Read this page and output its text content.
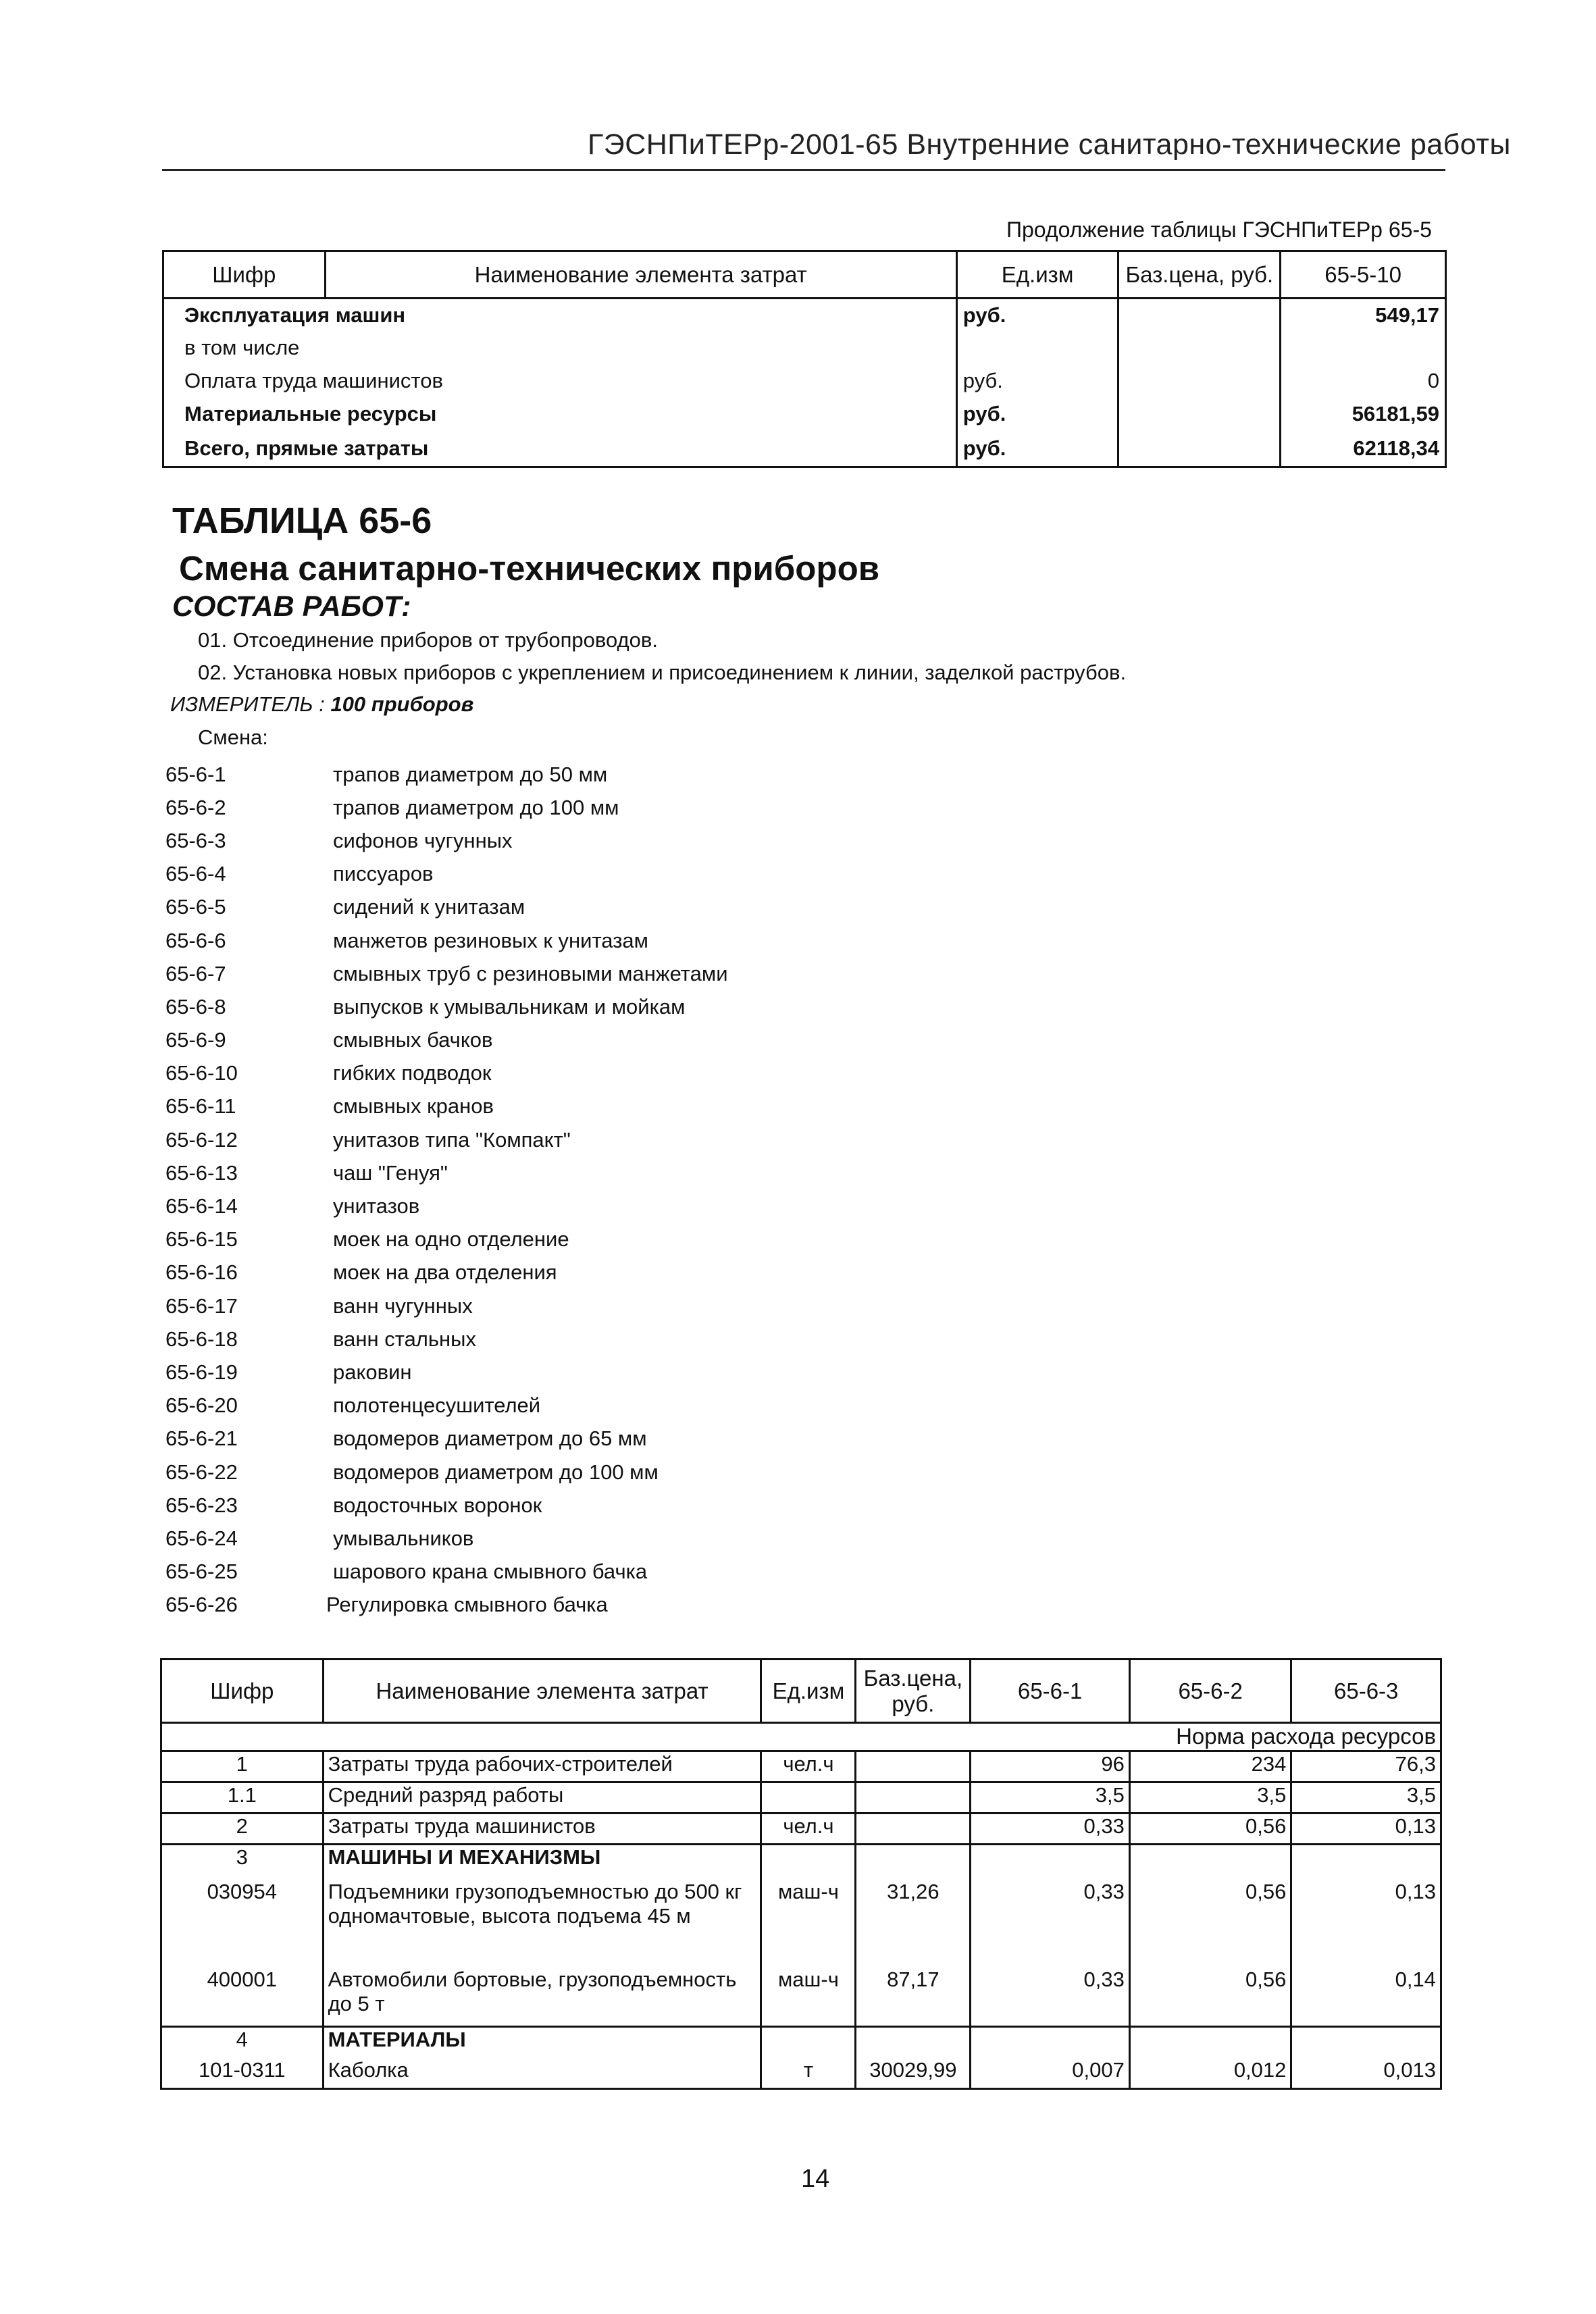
ГЭСНПиТЕРр-2001-65 Внутренние санитарно-технические работы
Продолжение таблицы ГЭСНПиТЕРр 65-5
Шифр	Наименование элемента затрат	Ед.изм	Баз.цена, руб.	65-5-10
Эксплуатация машин		руб.		549,17
в том числе				
Оплата труда машинистов		руб.		0
Материальные ресурсы		руб.		56181,59
Всего, прямые затраты		руб.		62118,34
ТАБЛИЦА 65-6
Смена санитарно-технических приборов
СОСТАВ РАБОТ:
01. Отсоединение приборов от трубопроводов.
02. Установка новых приборов с укреплением и присоединением к линии, заделкой раструбов.
ИЗМЕРИТЕЛЬ : 100 приборов
Смена:
65-6-1	трапов диаметром до 50 мм
65-6-2	трапов диаметром до 100 мм
65-6-3	сифонов чугунных
65-6-4	писсуаров
65-6-5	сидений к унитазам
65-6-6	манжетов резиновых к унитазам
65-6-7	смывных труб с резиновыми манжетами
65-6-8	выпусков к умывальникам и мойкам
65-6-9	смывных бачков
65-6-10	гибких подводок
65-6-11	смывных кранов
65-6-12	унитазов типа "Компакт"
65-6-13	чаш "Генуя"
65-6-14	унитазов
65-6-15	моек на одно отделение
65-6-16	моек на два отделения
65-6-17	ванн чугунных
65-6-18	ванн стальных
65-6-19	раковин
65-6-20	полотенцесушителей
65-6-21	водомеров диаметром до 65 мм
65-6-22	водомеров диаметром до 100 мм
65-6-23	водосточных воронок
65-6-24	умывальников
65-6-25	шарового крана смывного бачка
65-6-26	Регулировка смывного бачка
Шифр	Наименование элемента затрат	Ед.изм	Баз.цена, руб.	65-6-1	65-6-2	65-6-3
Норма расхода ресурсов						
1	Затраты труда рабочих-строителей	чел.ч		96	234	76,3
1.1	Средний разряд работы			3,5	3,5	3,5
2	Затраты труда машинистов	чел.ч		0,33	0,56	0,13
3	МАШИНЫ И МЕХАНИЗМЫ					
030954	Подъемники грузоподъемностью до 500 кг одномачтовые, высота подъема 45 м	маш-ч	31,26	0,33	0,56	0,13
400001	Автомобили бортовые, грузоподъемность до 5 т	маш-ч	87,17	0,33	0,56	0,14
4	МАТЕРИАЛЫ					
101-0311	Каболка	т	30029,99	0,007	0,012	0,013
14
